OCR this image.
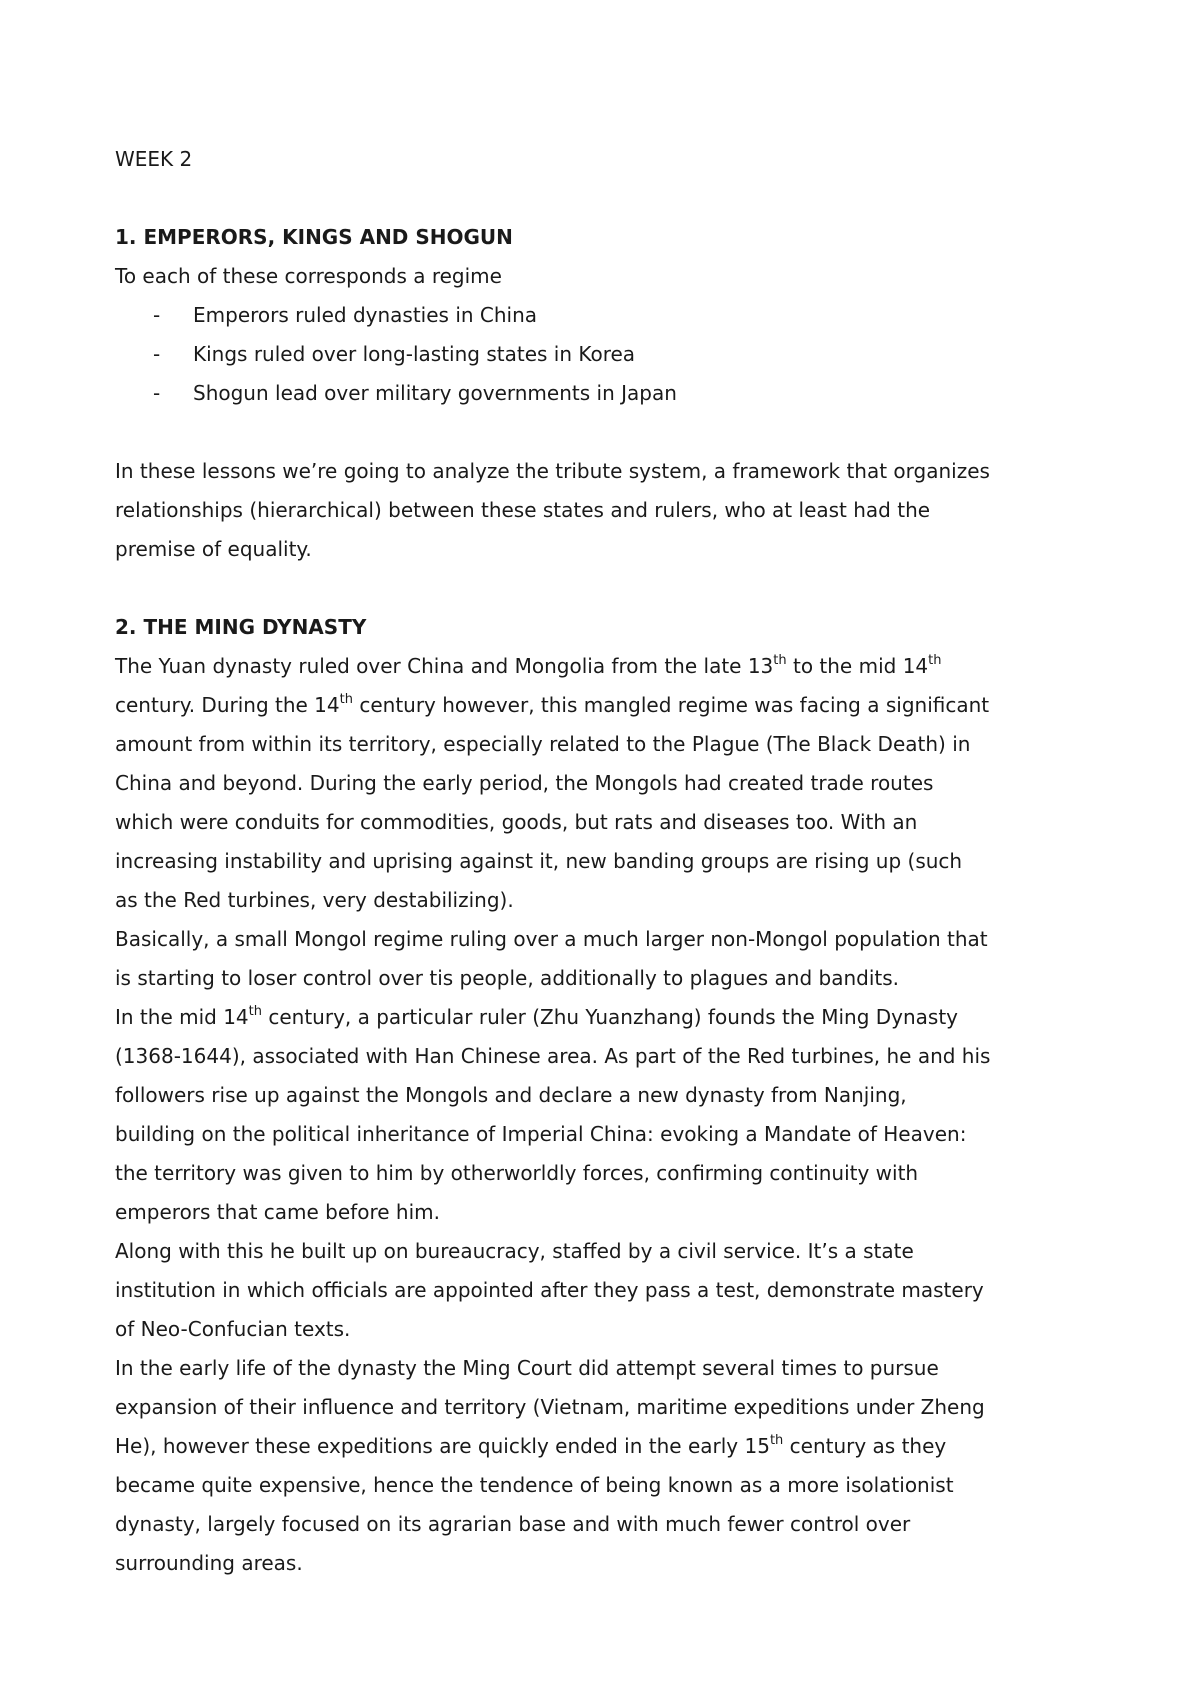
WEEK 2
1. EMPERORS, KINGS AND SHOGUN
To each of these corresponds a regime
- Emperors ruled dynasties in China
- Kings ruled over long-lasting states in Korea
- Shogun lead over military governments in Japan
In these lessons we’re going to analyze the tribute system, a framework that organizes
relationships (hierarchical) between these states and rulers, who at least had the
premise of equality.
2. THE MING DYNASTY
The Yuan dynasty ruled over China and Mongolia from the late 13th to the mid 14th
century. During the 14th century however, this mangled regime was facing a significant
amount from within its territory, especially related to the Plague (The Black Death) in
China and beyond. During the early period, the Mongols had created trade routes
which were conduits for commodities, goods, but rats and diseases too. With an
increasing instability and uprising against it, new banding groups are rising up (such
as the Red turbines, very destabilizing).
Basically, a small Mongol regime ruling over a much larger non-Mongol population that
is starting to loser control over tis people, additionally to plagues and bandits.
In the mid 14th century, a particular ruler (Zhu Yuanzhang) founds the Ming Dynasty
(1368-1644), associated with Han Chinese area. As part of the Red turbines, he and his
followers rise up against the Mongols and declare a new dynasty from Nanjing,
building on the political inheritance of Imperial China: evoking a Mandate of Heaven:
the territory was given to him by otherworldly forces, confirming continuity with
emperors that came before him.
Along with this he built up on bureaucracy, staffed by a civil service. It’s a state
institution in which officials are appointed after they pass a test, demonstrate mastery
of Neo-Confucian texts.
In the early life of the dynasty the Ming Court did attempt several times to pursue
expansion of their influence and territory (Vietnam, maritime expeditions under Zheng
He), however these expeditions are quickly ended in the early 15th century as they
became quite expensive, hence the tendence of being known as a more isolationist
dynasty, largely focused on its agrarian base and with much fewer control over
surrounding areas.
